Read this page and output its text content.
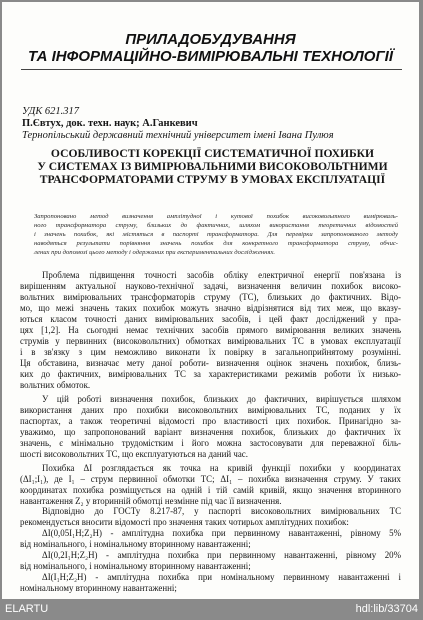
ПРИЛАДОБУДУВАННЯ
ТА ІНФОРМАЦІЙНО-ВИМІРЮВАЛЬНІ ТЕХНОЛОГІЇ
УДК 621.317
П.Євтух, док. техн. наук; А.Ганкевич
Тернопільський державний технічний університет імені Івана Пулюя
ОСОБЛИВОСТІ КОРЕКЦІЇ СИСТЕМАТИЧНОЇ ПОХИБКИ
У СИСТЕМАХ ІЗ ВИМІРЮВАЛЬНИМИ ВИСОКОВОЛЬТНИМИ
ТРАНСФОРМАТОРАМИ СТРУМУ В УМОВАХ ЕКСПЛУАТАЦІЇ
Запропоновано метод визначення амплітудної і кутової похибок високовольтного вимірюваль-
ного трансформатора струму, близьких до фактичних, шляхом використання теоретичних відомостей
і значень похибок, які містяться в паспорті трансформатора. Для перевірки запропонованого методу
наводяться результати порівняння значень похибок для конкретного трансформатора струму, обчис-
лених при допомозі цього методу і одержаних при експериментальних дослідженнях.
Проблема підвищення точності засобів обліку електричної енергії пов'язана із
вирішенням актуальної науково-технічної задачі, визначення величин похибок високо-
вольтних вимірювальних трансформаторів струму (ТС), близьких до фактичних. Відо-
мо, що межі значень таких похибок можуть значно відрізнятися від тих меж, що вказу-
ються класом точності даних вимірювальних засобів, і цей факт досліджений у пра-
цях [1,2]. На сьогодні немає технічних засобів прямого вимірювання великих значень
струмів у первинних (високовольтних) обмотках вимірювальних ТС в умовах експлуатації
і в зв'язку з цим неможливо виконати їх повірку в загальноприйнятому розумінні.
Ця обставина, визначає мету даної роботи- визначення оцінок значень похибок, близь-
ких до фактичних, вимірювальних ТС за характеристиками режимів роботи їх низько-
вольтних обмоток.
У цій роботі визначення похибок, близьких до фактичних, вирішується шляхом
використання даних про похибки високовольтних вимірювальних ТС, поданих у їх
паспортах, а також теоретичні відомості про властивості цих похибок. Принагідно за-
уважимо, що запропонований варіант визначення похибок, близьких до фактичних їх
значень, є мінімально трудомістким і його можна застосовувати для переважної біль-
шості високовольтних ТС, що експлуатуються на даний час.
Похибка ΔI розглядається як точка на кривій функції похибки у координатах
(ΔI₁;I₁), де I₁ – струм первинної обмотки ТС; ΔI₁ – похибка визначення струму. У таких
координатах похибка розміщується на одній і тій самій кривій, якщо значення вторинного
навантаження Z₂ у вторинній обмотці незмінне під час її визначення.
Відповідно до ГОСТу 8.217-87, у паспорті високовольтних вимірювальних ТС
рекомендується вносити відомості про значення таких чотирьох амплітудних похибок:
ΔI(0,05I₁Н;Z₂Н) - амплітудна похибка при первинному навантаженні, рівному 5%
від номінального, і номінальному вторинному навантаженні;
ΔI(0,2I₁Н;Z₂Н) - амплітудна похибка при первинному навантаженні, рівному 20%
від номінального, і номінальному вторинному навантаженні;
ΔI(I₁Н;Z₂Н) - амплітудна похибка при номінальному первинному навантаженні і
номінальному вторинному навантаженні;
ELARTU	hdl:lib/33704
